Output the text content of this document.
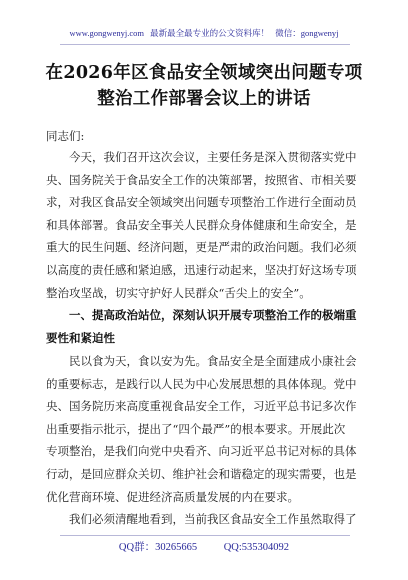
www.gongwenyj.com 最新最全最专业的公文资料库！ 微信：gongwenyj
在2026年区食品安全领域突出问题专项
整治工作部署会议上的讲话
同志们:
今天，我们召开这次会议，主要任务是深入贯彻落实党中
央、国务院关于食品安全工作的决策部署，按照省、市相关要
求，对我区食品安全领域突出问题专项整治工作进行全面动员
和具体部署。食品安全事关人民群众身体健康和生命安全，是
重大的民生问题、经济问题，更是严肃的政治问题。我们必须
以高度的责任感和紧迫感，迅速行动起来，坚决打好这场专项
整治攻坚战，切实守护好人民群众“舌尖上的安全”。
一、提高政治站位，深刻认识开展专项整治工作的极端重
要性和紧迫性
民以食为天，食以安为先。食品安全是全面建成小康社会
的重要标志，是践行以人民为中心发展思想的具体体现。党中
央、国务院历来高度重视食品安全工作，习近平总书记多次作
出重要指示批示，提出了“四个最严”的根本要求。开展此次
专项整治，是我们向党中央看齐、向习近平总书记对标的具体
行动，是回应群众关切、维护社会和谐稳定的现实需要，也是
优化营商环境、促进经济高质量发展的内在要求。
我们必须清醒地看到，当前我区食品安全工作虽然取得了
QQ群：30265665	QQ:535304092
